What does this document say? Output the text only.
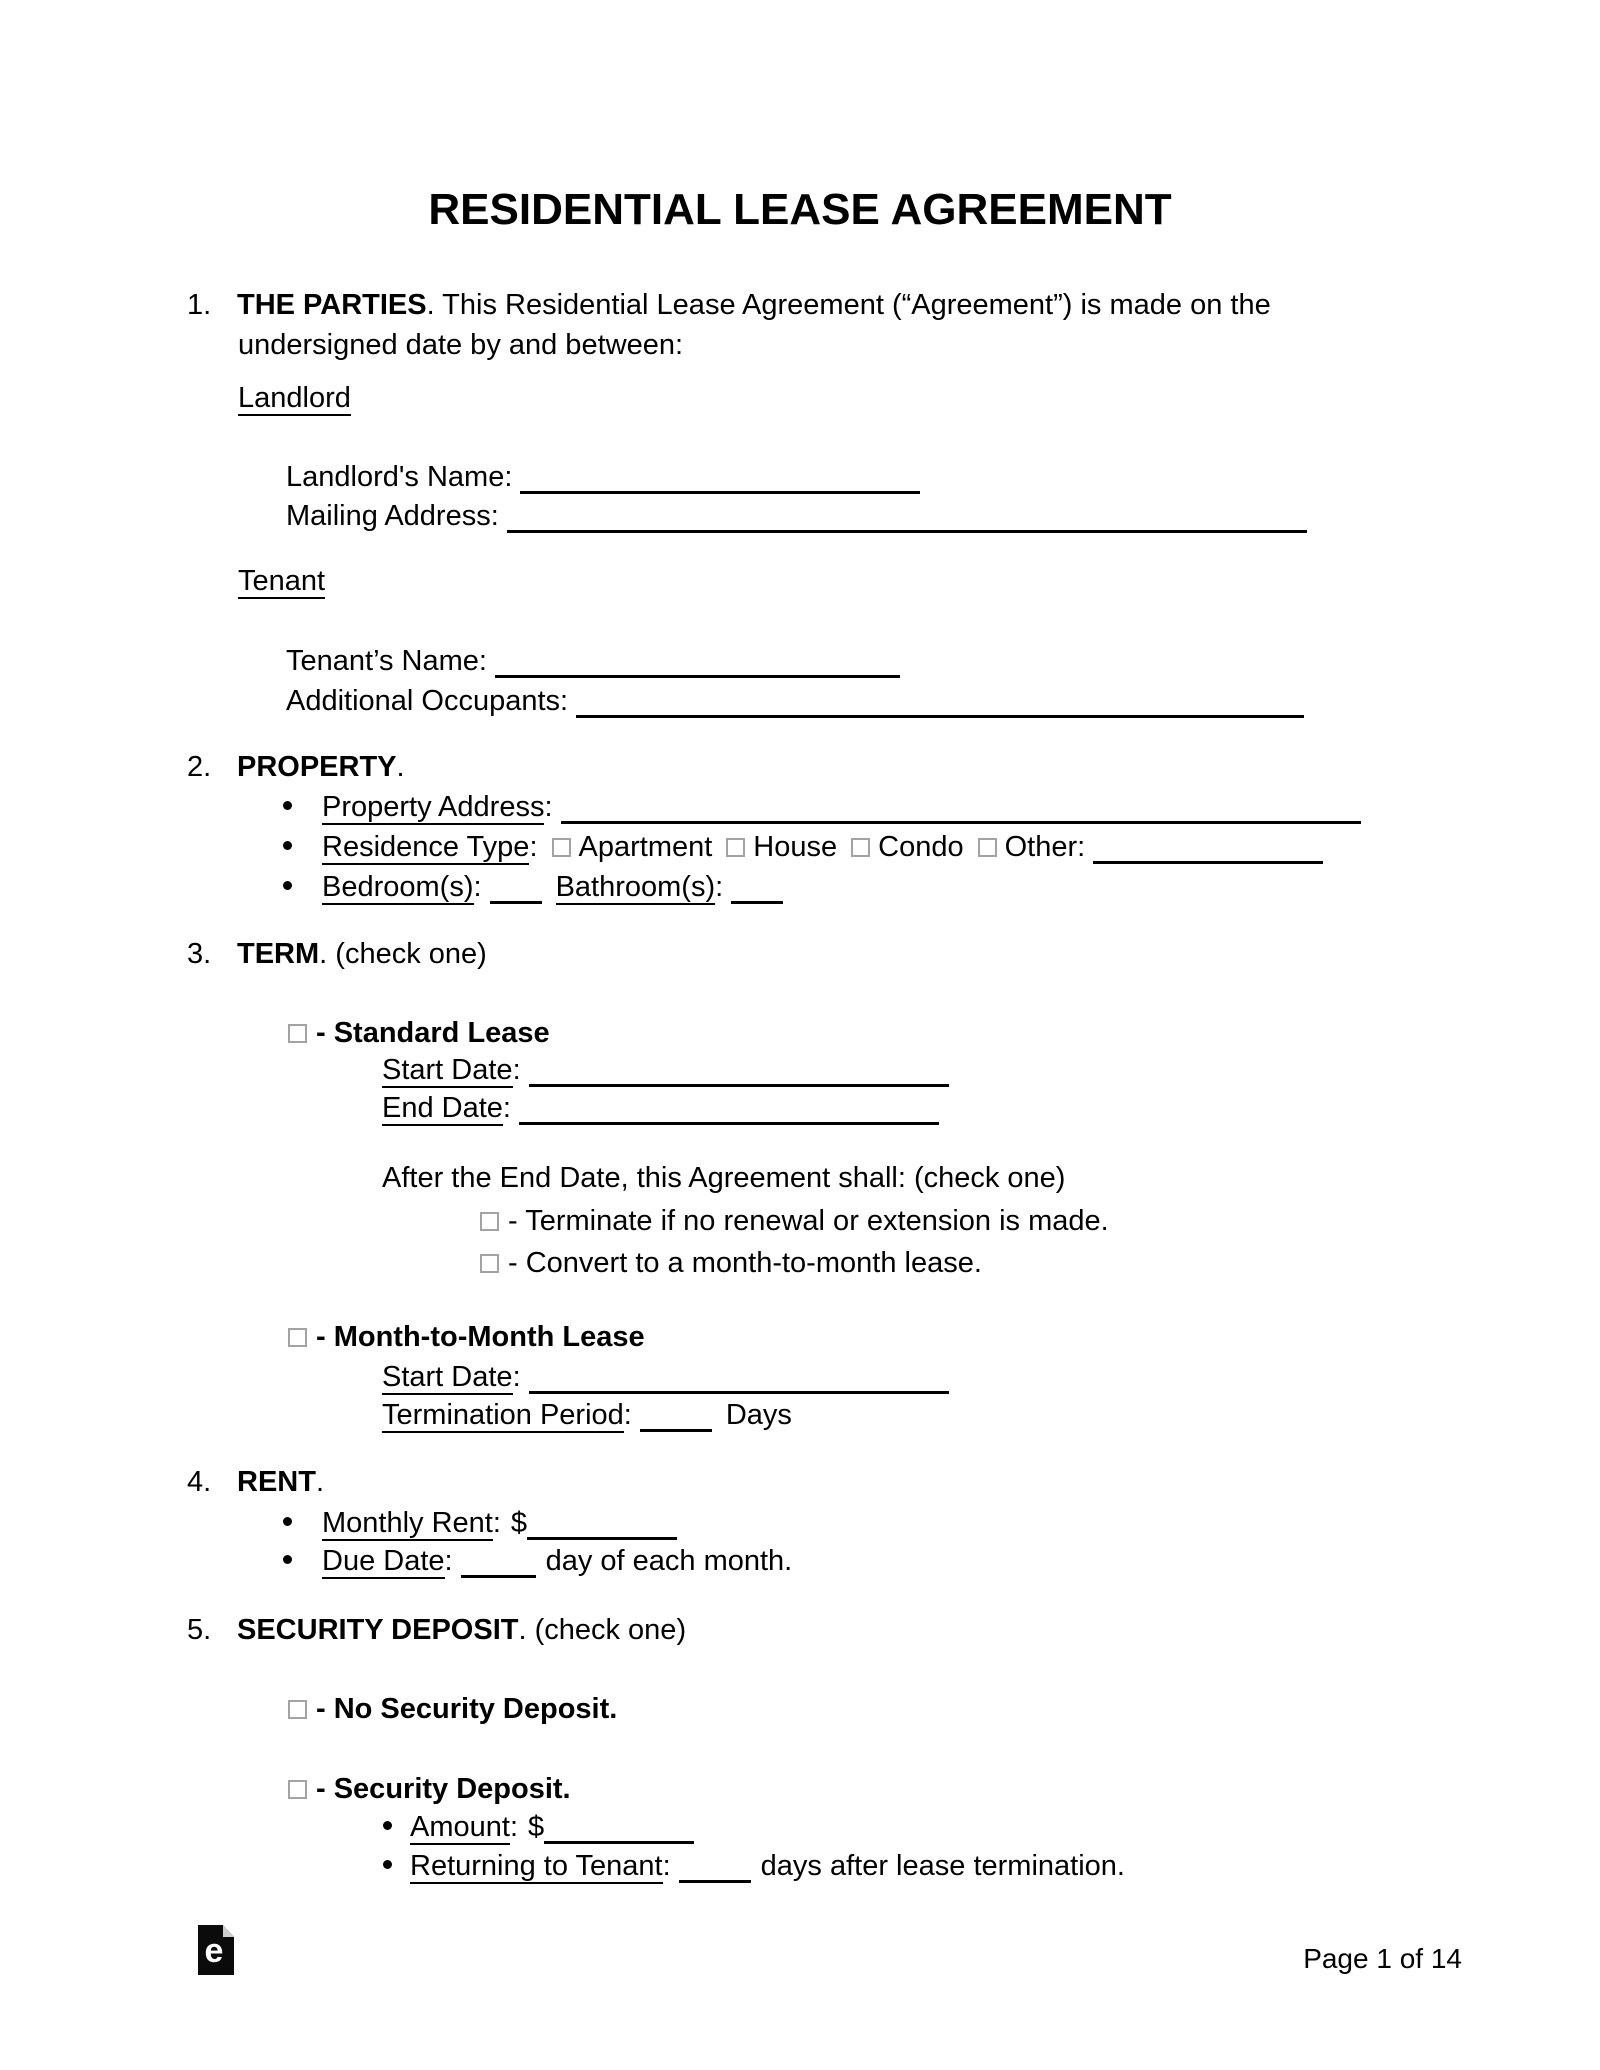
RESIDENTIAL LEASE AGREEMENT
1. THE PARTIES. This Residential Lease Agreement (“Agreement”) is made on the
undersigned date by and between:
Landlord
Landlord's Name:
Mailing Address:
Tenant
Tenant’s Name:
Additional Occupants:
2. PROPERTY.
Property Address:
Residence Type: Apartment House Condo Other:
Bedroom(s):	Bathroom(s):
3. TERM. (check one)
- Standard Lease
Start Date:
End Date:
After the End Date, this Agreement shall: (check one)
- Terminate if no renewal or extension is made.
- Convert to a month-to-month lease.
- Month-to-Month Lease
Start Date:
Termination Period:	Days
4. RENT.
Monthly Rent: $
Due Date:	day of each month.
5. SECURITY DEPOSIT. (check one)
- No Security Deposit.
- Security Deposit.
Amount: $
Returning to Tenant:	days after lease termination.
e	Page 1 of 14
